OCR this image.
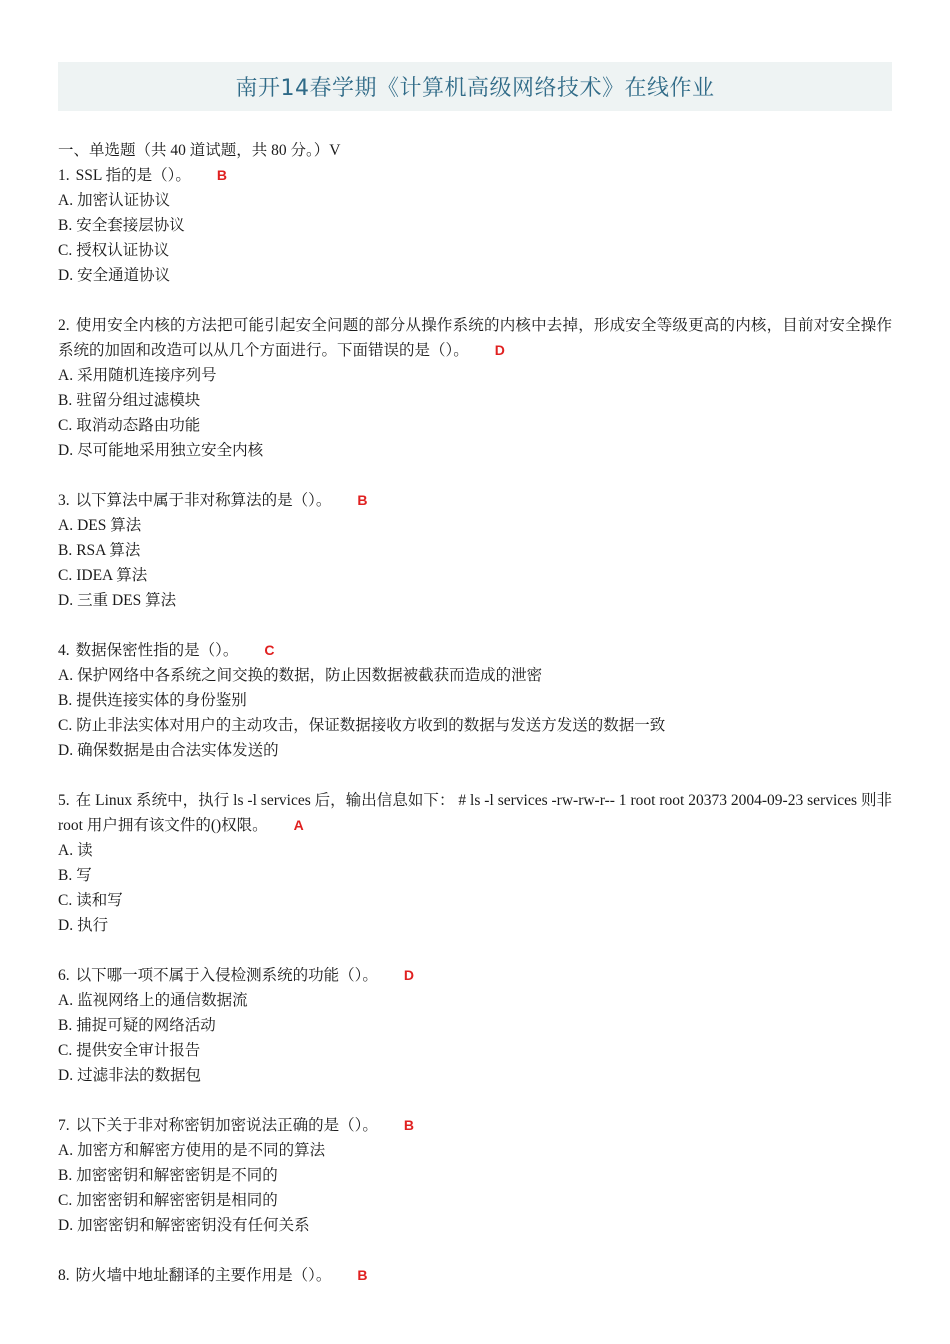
南开14春学期《计算机高级网络技术》在线作业
一、单选题（共 40 道试题，共 80 分。）V
1. SSL 指的是（）。 B
A. 加密认证协议
B. 安全套接层协议
C. 授权认证协议
D. 安全通道协议
2. 使用安全内核的方法把可能引起安全问题的部分从操作系统的内核中去掉，形成安全等级更高的内核，目前对安全操作系统的加固和改造可以从几个方面进行。下面错误的是（）。 D
A. 采用随机连接序列号
B. 驻留分组过滤模块
C. 取消动态路由功能
D. 尽可能地采用独立安全内核
3. 以下算法中属于非对称算法的是（）。 B
A. DES 算法
B. RSA 算法
C. IDEA 算法
D. 三重 DES 算法
4. 数据保密性指的是（）。 C
A. 保护网络中各系统之间交换的数据，防止因数据被截获而造成的泄密
B. 提供连接实体的身份鉴别
C. 防止非法实体对用户的主动攻击，保证数据接收方收到的数据与发送方发送的数据一致
D. 确保数据是由合法实体发送的
5. 在 Linux 系统中，执行 ls -l services 后，输出信息如下： # ls -l services -rw-rw-r-- 1 root root 20373 2004-09-23 services 则非 root 用户拥有该文件的()权限。 A
A. 读
B. 写
C. 读和写
D. 执行
6. 以下哪一项不属于入侵检测系统的功能（）。 D
A. 监视网络上的通信数据流
B. 捕捉可疑的网络活动
C. 提供安全审计报告
D. 过滤非法的数据包
7. 以下关于非对称密钥加密说法正确的是（）。 B
A. 加密方和解密方使用的是不同的算法
B. 加密密钥和解密密钥是不同的
C. 加密密钥和解密密钥是相同的
D. 加密密钥和解密密钥没有任何关系
8. 防火墙中地址翻译的主要作用是（）。 B
